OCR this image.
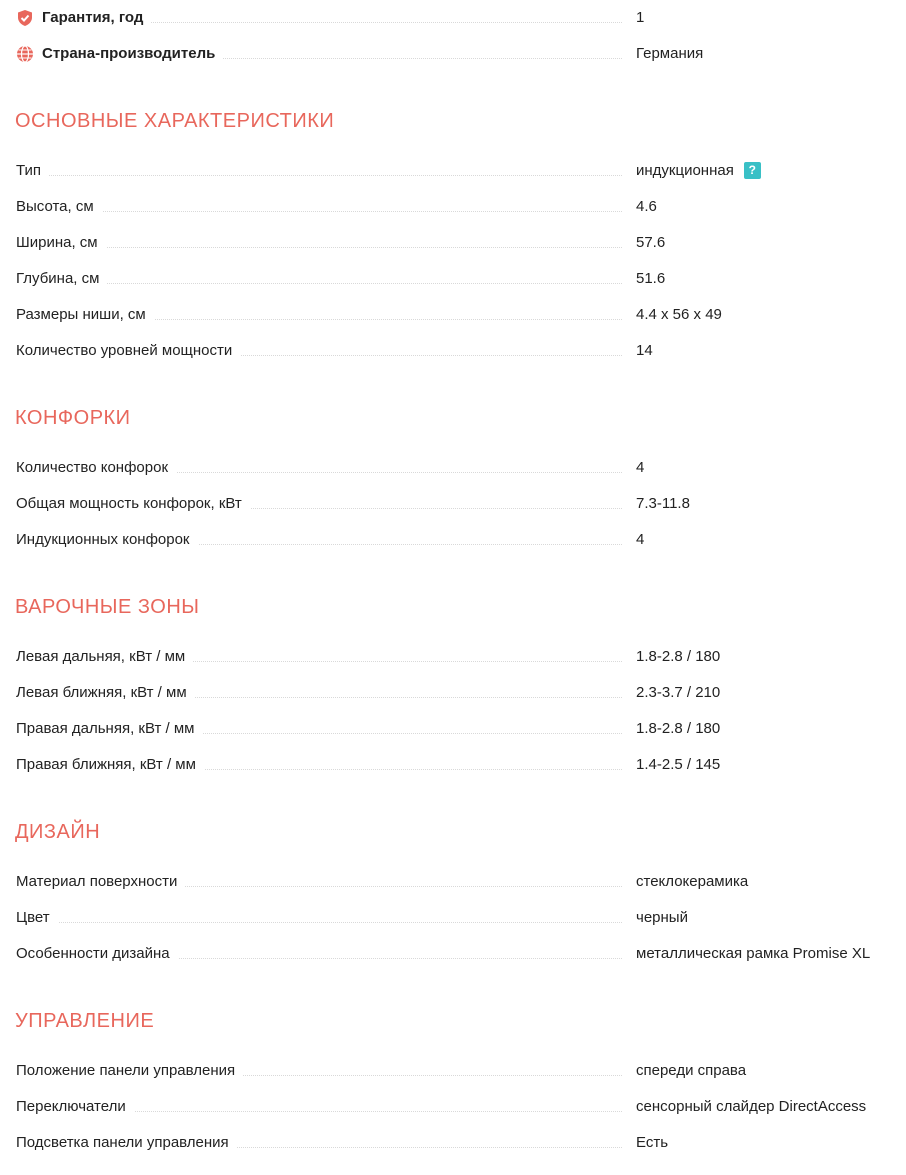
Гарантия, год	1
Страна-производитель	Германия
ОСНОВНЫЕ ХАРАКТЕРИСТИКИ
Тип	индукционная ?
Высота, см	4.6
Ширина, см	57.6
Глубина, см	51.6
Размеры ниши, см	4.4 x 56 x 49
Количество уровней мощности	14
КОНФОРКИ
Количество конфорок	4
Общая мощность конфорок, кВт	7.3-11.8
Индукционных конфорок	4
ВАРОЧНЫЕ ЗОНЫ
Левая дальняя, кВт / мм	1.8-2.8 / 180
Левая ближняя, кВт / мм	2.3-3.7 / 210
Правая дальняя, кВт / мм	1.8-2.8 / 180
Правая ближняя, кВт / мм	1.4-2.5 / 145
ДИЗАЙН
Материал поверхности	стеклокерамика
Цвет	черный
Особенности дизайна	металлическая рамка Promise XL
УПРАВЛЕНИЕ
Положение панели управления	спереди справа
Переключатели	сенсорный слайдер DirectAccess
Подсветка панели управления	Есть
